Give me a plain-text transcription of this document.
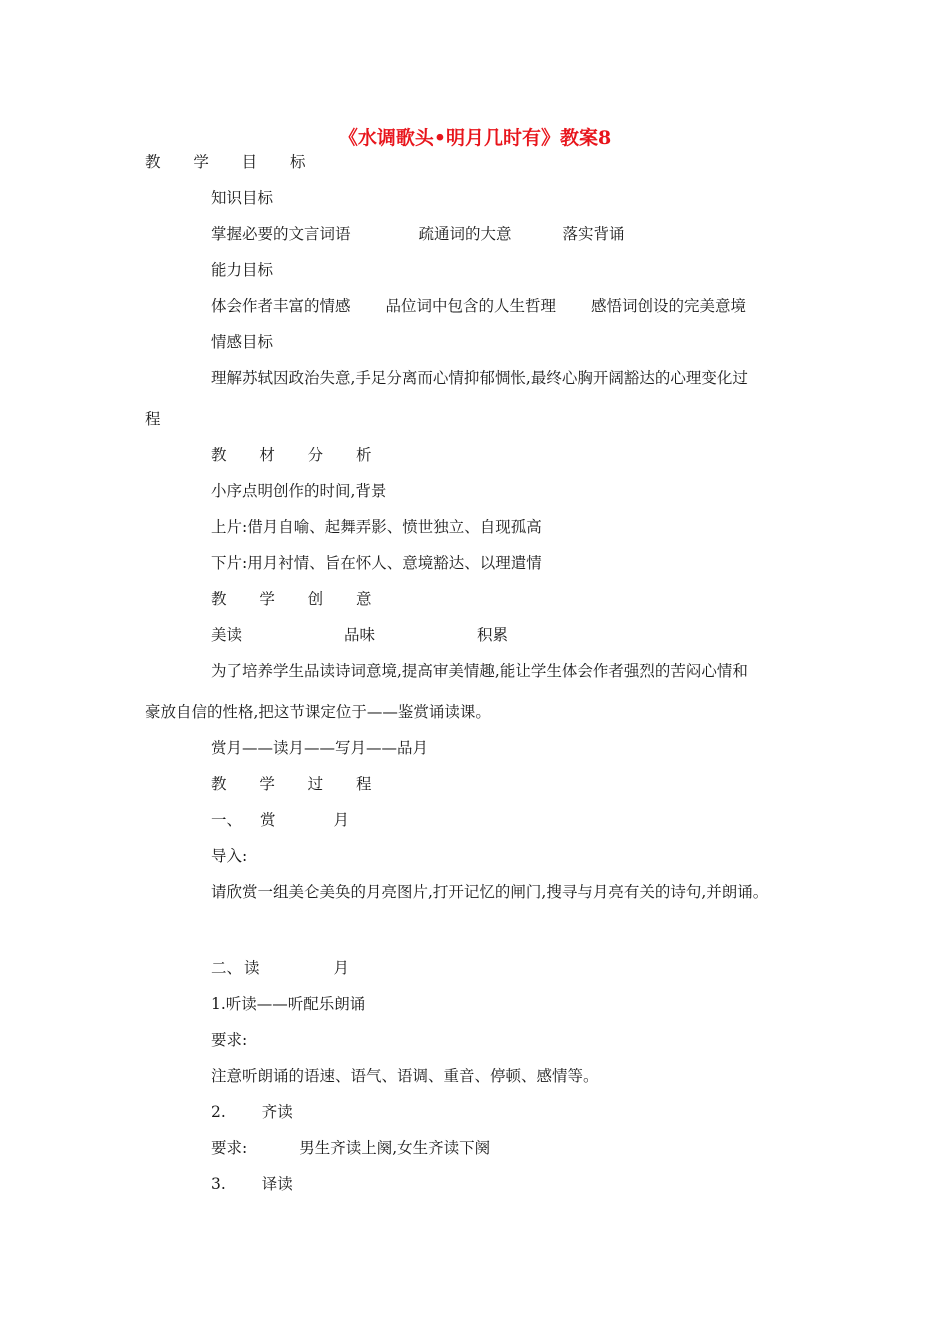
《水调歌头•明月几时有》教案8
教 学 目 标
知识目标
掌握必要的文言词语	疏通词的大意	落实背诵
能力目标
体会作者丰富的情感 品位词中包含的人生哲理 感悟词创设的完美意境
情感目标
理解苏轼因政治失意,手足分离而心情抑郁惆怅,最终心胸开阔豁达的心理变化过
程
教 材 分 析
小序点明创作的时间,背景
上片:借月自喻、起舞弄影、愤世独立、自现孤高
下片:用月衬情、旨在怀人、意境豁达、以理遣情
教 学 创 意
美读	品味	积累
为了培养学生品读诗词意境,提高审美情趣,能让学生体会作者强烈的苦闷心情和
豪放自信的性格,把这节课定位于——鉴赏诵读课。
赏月——读月——写月——品月
教 学 过 程
一、 赏	月
导入:
请欣赏一组美仑美奂的月亮图片,打开记忆的闸门,搜寻与月亮有关的诗句,并朗诵。
二、 读	月
1.听读——听配乐朗诵
要求:
注意听朗诵的语速、语气、语调、重音、停顿、感情等。
2. 齐读
要求:	男生齐读上阕,女生齐读下阕
3. 译读
